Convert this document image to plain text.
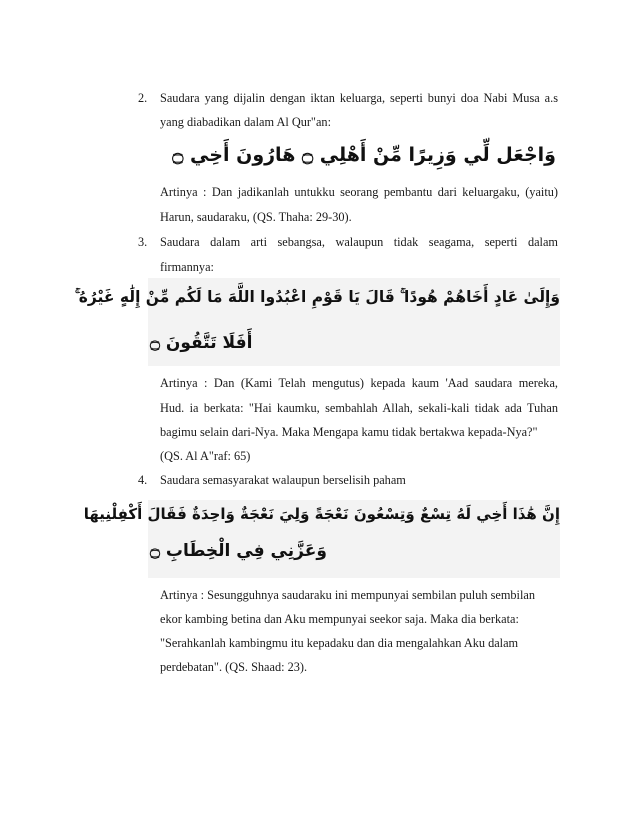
2. Saudara yang dijalin dengan iktan keluarga, seperti bunyi doa Nabi Musa a.s
yang diabadikan dalam Al Qur"an:
وَاجْعَل لِّي وَزِيرًا مِّنْ أَهْلِي ۝ هَارُونَ أَخِي ۝
Artinya : Dan jadikanlah untukku seorang pembantu dari keluargaku, (yaitu)
Harun, saudaraku, (QS. Thaha: 29-30).
3. Saudara dalam arti sebangsa, walaupun tidak seagama, seperti dalam
firmannya:
وَإِلَىٰ عَادٍ أَخَاهُمْ هُودًا ۚ قَالَ يَا قَوْمِ اعْبُدُوا اللَّهَ مَا لَكُم مِّنْ إِلَٰهٍ غَيْرُهُ ۚ
أَفَلَا تَتَّقُونَ ۝
Artinya : Dan (Kami Telah mengutus) kepada kaum 'Aad saudara mereka,
Hud. ia berkata: "Hai kaumku, sembahlah Allah, sekali-kali tidak ada Tuhan
bagimu selain dari-Nya. Maka Mengapa kamu tidak bertakwa kepada-Nya?"
(QS. Al A"raf: 65)
4. Saudara semasyarakat walaupun berselisih paham
إِنَّ هَٰذَا أَخِي لَهُ تِسْعٌ وَتِسْعُونَ نَعْجَةً وَلِيَ نَعْجَةٌ وَاحِدَةٌ فَقَالَ أَكْفِلْنِيهَا
وَعَزَّنِي فِي الْخِطَابِ ۝
Artinya : Sesungguhnya saudaraku ini mempunyai sembilan puluh sembilan
ekor kambing betina dan Aku mempunyai seekor saja. Maka dia berkata:
"Serahkanlah kambingmu itu kepadaku dan dia mengalahkan Aku dalam
perdebatan". (QS. Shaad: 23).
